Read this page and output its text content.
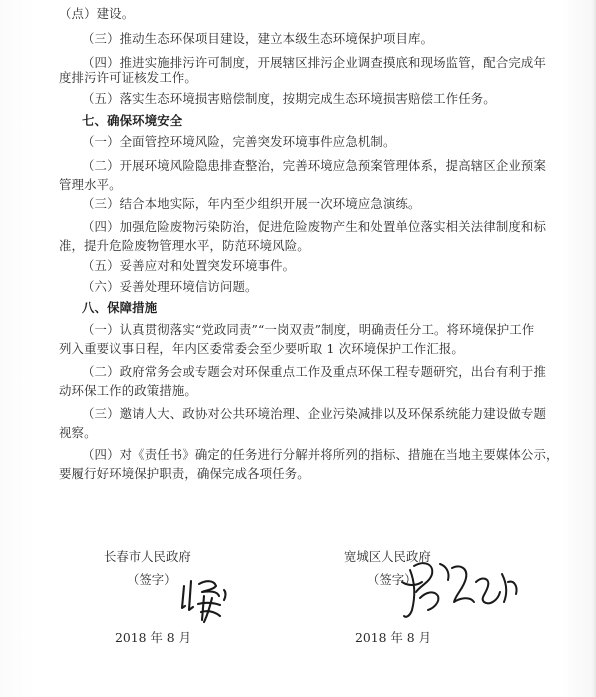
（点）建设。
（三）推动生态环保项目建设，建立本级生态环境保护项目库。
（四）推进实施排污许可制度，开展辖区排污企业调查摸底和现场监管，配合完成年
度排污许可证核发工作。
（五）落实生态环境损害赔偿制度，按期完成生态环境损害赔偿工作任务。
七、确保环境安全
（一）全面管控环境风险，完善突发环境事件应急机制。
（二）开展环境风险隐患排查整治，完善环境应急预案管理体系，提高辖区企业预案
管理水平。
（三）结合本地实际，年内至少组织开展一次环境应急演练。
（四）加强危险废物污染防治，促进危险废物产生和处置单位落实相关法律制度和标
准，提升危险废物管理水平，防范环境风险。
（五）妥善应对和处置突发环境事件。
（六）妥善处理环境信访问题。
八、保障措施
（一）认真贯彻落实“党政同责”“一岗双责”制度，明确责任分工。将环境保护工作
列入重要议事日程，年内区委常委会至少要听取 1 次环境保护工作汇报。
（二）政府常务会或专题会对环保重点工作及重点环保工程专题研究，出台有利于推
动环保工作的政策措施。
（三）邀请人大、政协对公共环境治理、企业污染减排以及环保系统能力建设做专题
视察。
（四）对《责任书》确定的任务进行分解并将所列的指标、措施在当地主要媒体公示，
要履行好环境保护职责，确保完成各项任务。
长春市人民政府
（签字）
2018 年 8 月
宽城区人民政府
（签字）
2018 年 8 月
